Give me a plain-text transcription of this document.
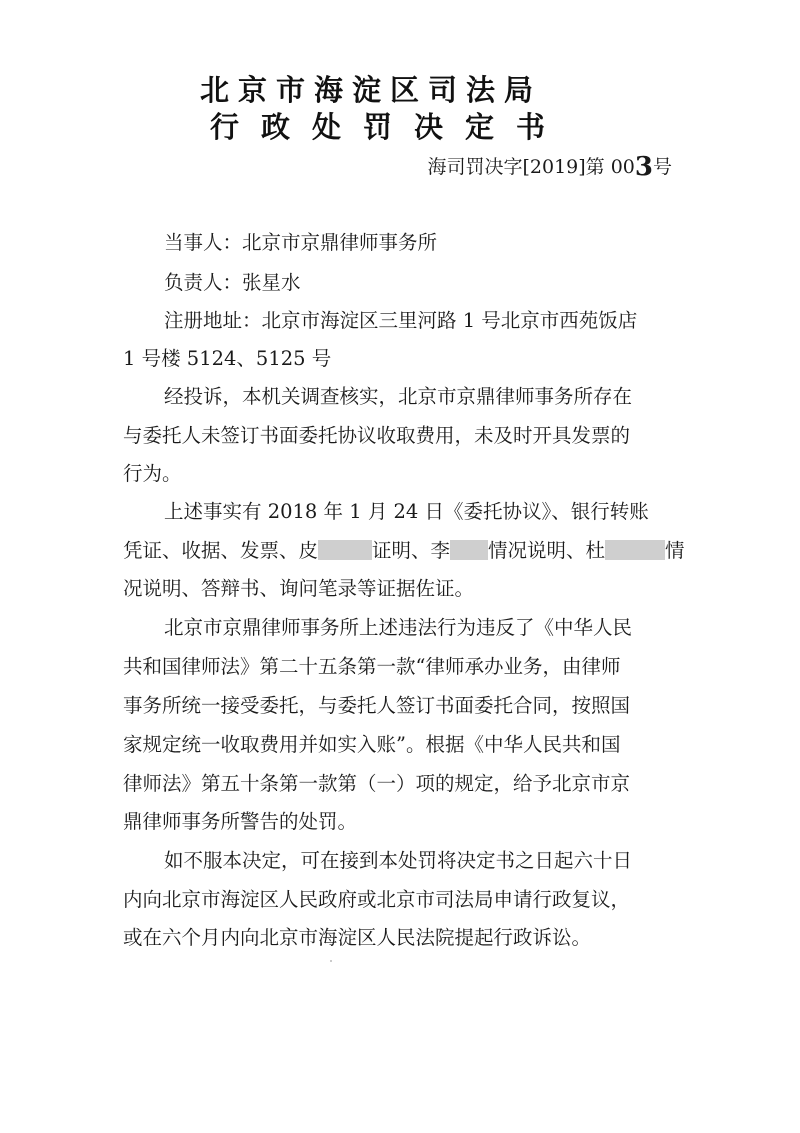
北京市海淀区司法局
行政处罚决定书
海司罚决字[2019]第 003号
当事人：北京市京鼎律师事务所
负责人：张星水
注册地址：北京市海淀区三里河路 1 号北京市西苑饭店
1 号楼 5124、5125 号
经投诉，本机关调查核实，北京市京鼎律师事务所存在
与委托人未签订书面委托协议收取费用，未及时开具发票的
行为。
上述事实有 2018 年 1 月 24 日《委托协议》、银行转账
凭证、收据、发票、皮	证明、李 情况说明、杜	情
况说明、答辩书、询问笔录等证据佐证。
北京市京鼎律师事务所上述违法行为违反了《中华人民
共和国律师法》第二十五条第一款“律师承办业务，由律师
事务所统一接受委托，与委托人签订书面委托合同，按照国
家规定统一收取费用并如实入账”。根据《中华人民共和国
律师法》第五十条第一款第（一）项的规定，给予北京市京
鼎律师事务所警告的处罚。
如不服本决定，可在接到本处罚将决定书之日起六十日
内向北京市海淀区人民政府或北京市司法局申请行政复议，
或在六个月内向北京市海淀区人民法院提起行政诉讼。
